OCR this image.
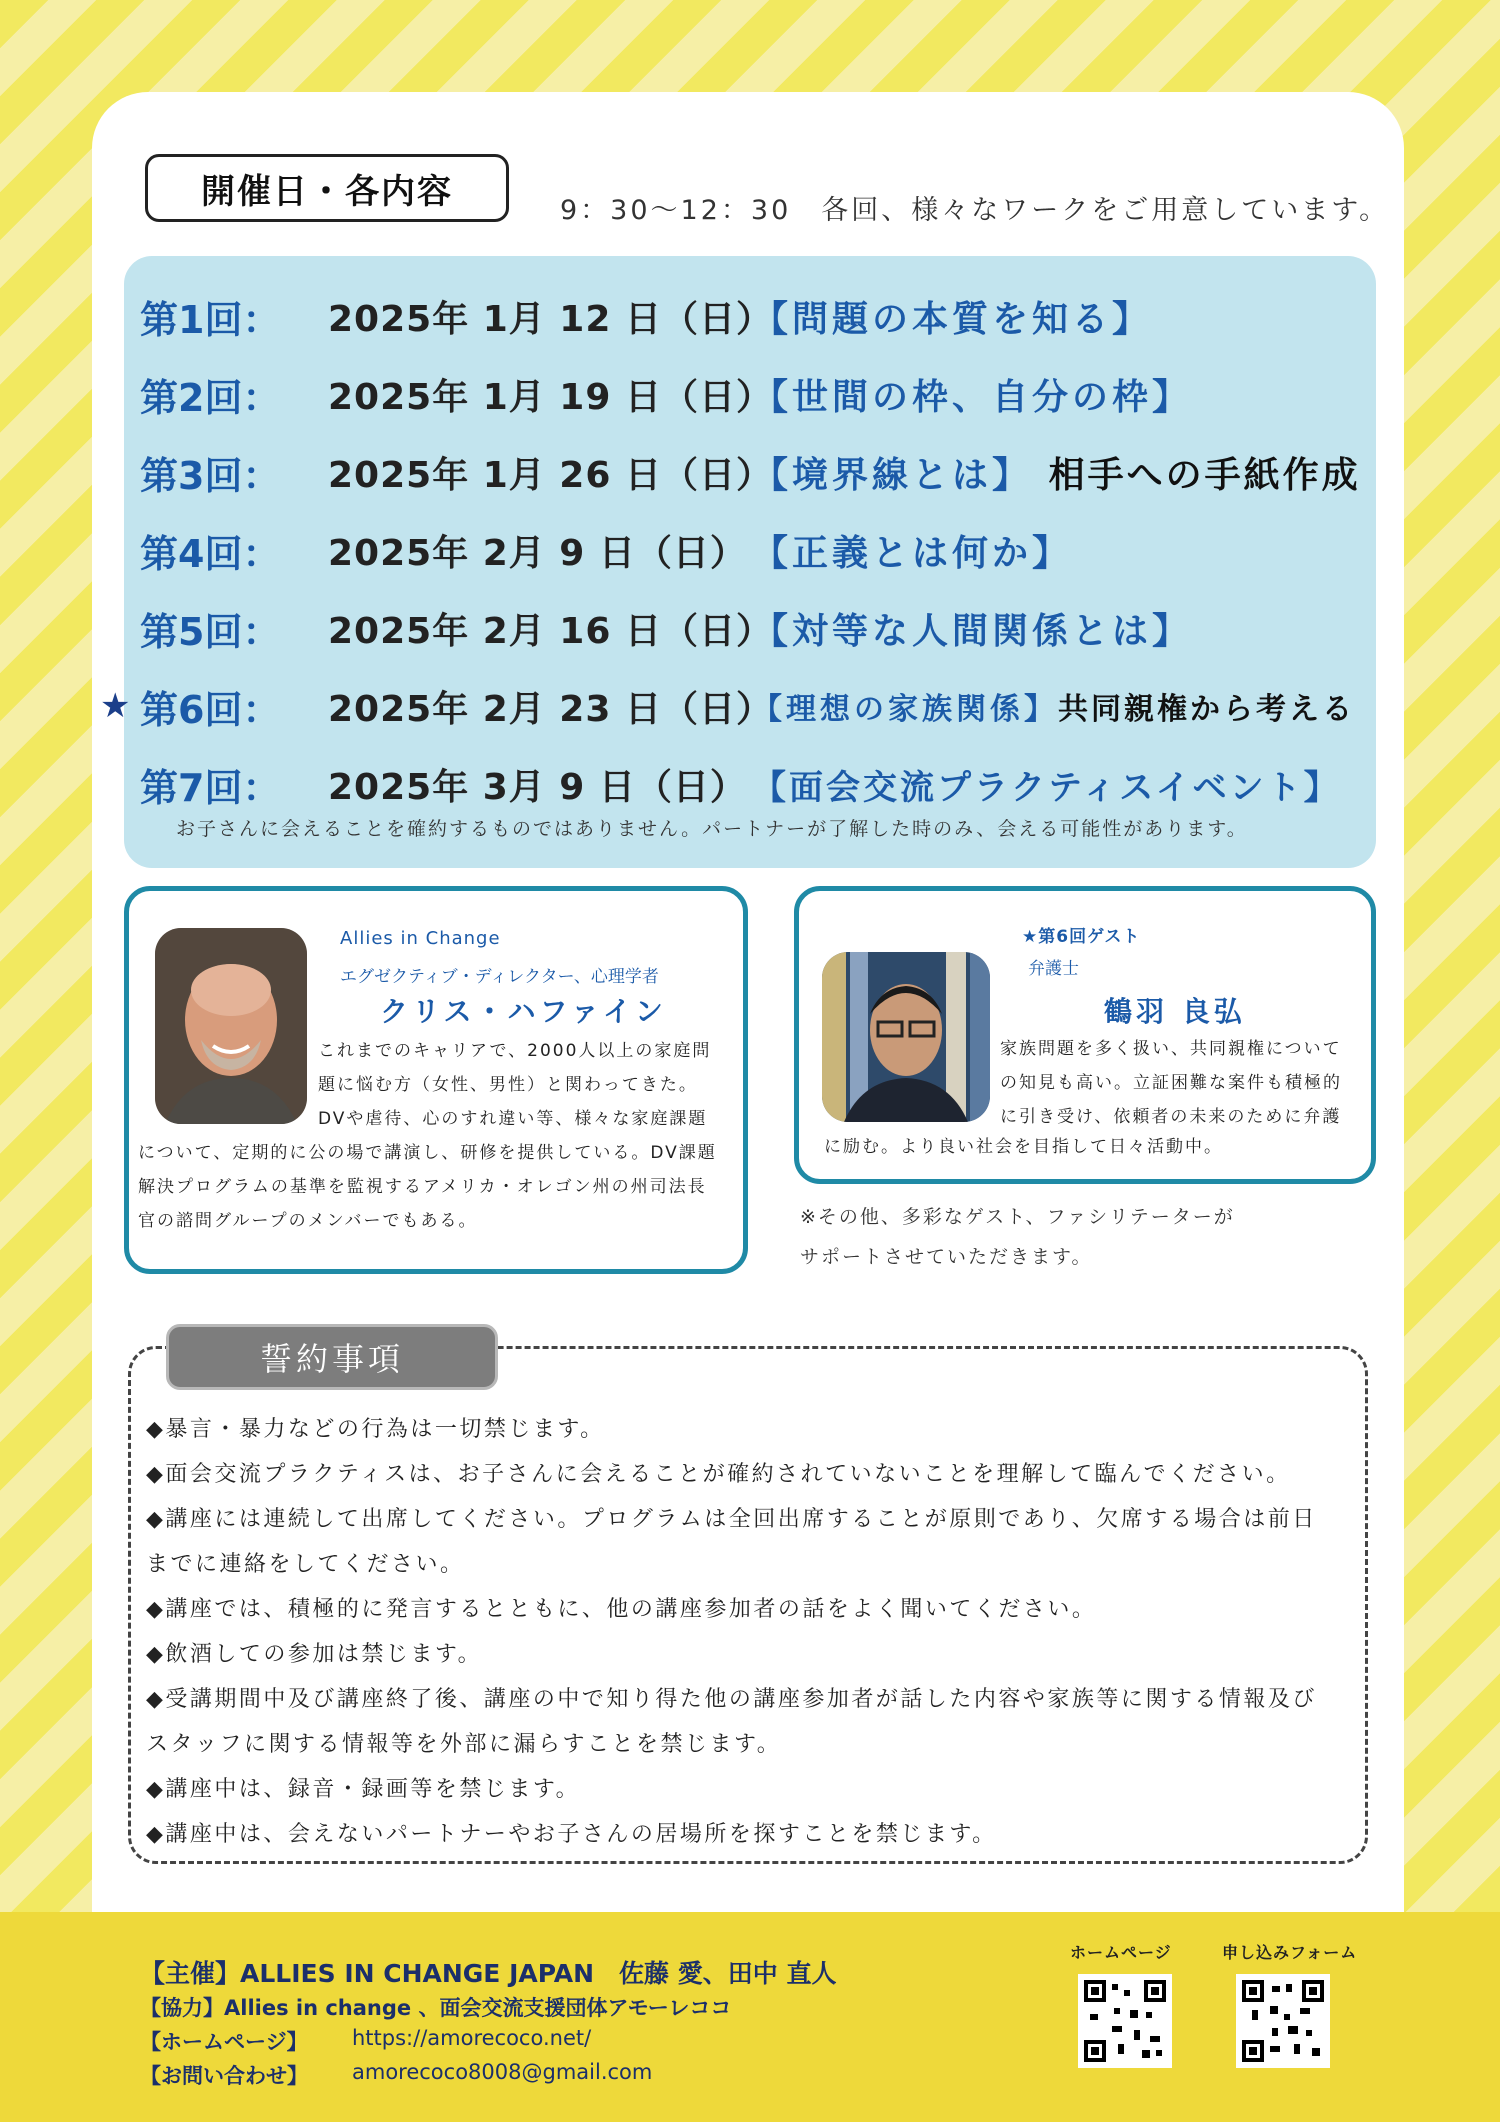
開催日・各内容	9：30〜12：30　各回、様々なワークをご用意しています。
第1回： 2025年 1月 12 日（日）
【問題の本質を知る】
第2回： 2025年 1月 19 日（日）
【世間の枠、自分の枠】
第3回： 2025年 1月 26 日（日）
【境界線とは】 相手への手紙作成
第4回： 2025年 2月 9 日（日） 【正義とは何か】
第5回： 2025年 2月 16 日（日）
【対等な人間関係とは】
★ 第6回： 2025年 2月 23 日（日）
【理想の家族関係】共同親権から考える
第7回： 2025年 3月 9 日（日） 【面会交流プラクティスイベント】
お子さんに会えることを確約するものではありません。パートナーが了解した時のみ、会える可能性があります。
Allies in Change
エグゼクティブ・ディレクター、心理学者
クリス・ハファイン
これまでのキャリアで、2000人以上の家庭問
題に悩む方（女性、男性）と関わってきた。
DVや虐待、心のすれ違い等、様々な家庭課題
について、定期的に公の場で講演し、研修を提供している。DV課題
解決プログラムの基準を監視するアメリカ・オレゴン州の州司法長
官の諮問グループのメンバーでもある。
★第6回ゲスト
弁護士
鶴羽 良弘
家族問題を多く扱い、共同親権について
の知見も高い。立証困難な案件も積極的
に引き受け、依頼者の未来のために弁護
に励む。より良い社会を目指して日々活動中。
※その他、多彩なゲスト、ファシリテーターが
サポートさせていただきます。
誓約事項
◆暴言・暴力などの行為は一切禁じます。
◆面会交流プラクティスは、お子さんに会えることが確約されていないことを理解して臨んでください。
◆講座には連続して出席してください。プログラムは全回出席することが原則であり、欠席する場合は前日
までに連絡をしてください。
◆講座では、積極的に発言するとともに、他の講座参加者の話をよく聞いてください。
◆飲酒しての参加は禁じます。
◆受講期間中及び講座終了後、講座の中で知り得た他の講座参加者が話した内容や家族等に関する情報及び
スタッフに関する情報等を外部に漏らすことを禁じます。
◆講座中は、録音・録画等を禁じます。
◆講座中は、会えないパートナーやお子さんの居場所を探すことを禁じます。
【主催】ALLIES IN CHANGE JAPAN　佐藤 愛、田中 直人
【協力】Allies in change 、面会交流支援団体アモーレココ
【ホームページ】 https://amorecoco.net/
【お問い合わせ】 amorecoco8008@gmail.com
ホームページ	申し込みフォーム
